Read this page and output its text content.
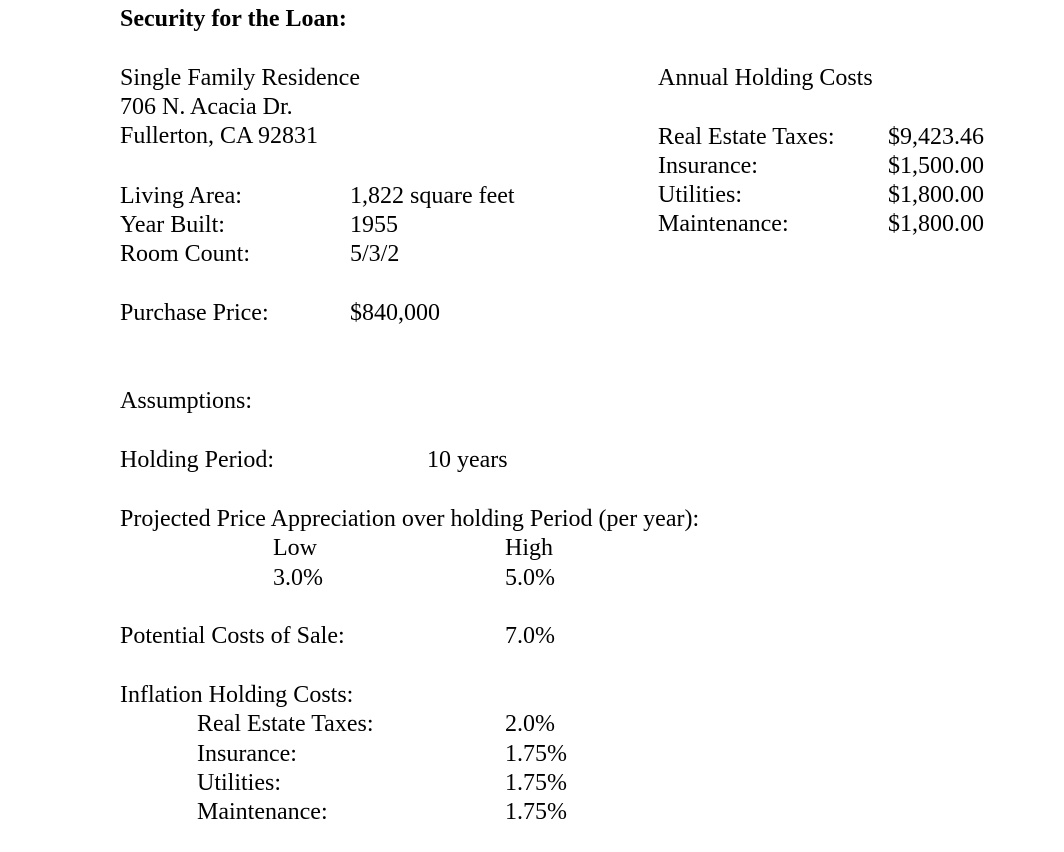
Security for the Loan:
Single Family Residence
706 N. Acacia Dr.
Fullerton, CA 92831
Living Area:	1,822 square feet
Year Built:	1955
Room Count:	5/3/2
Purchase Price:	$840,000
Annual Holding Costs
Real Estate Taxes: $9,423.46
Insurance:	$1,500.00
Utilities:	$1,800.00
Maintenance:	$1,800.00
Assumptions:
Holding Period:	10 years
Projected Price Appreciation over holding Period (per year):
Low	High
3.0%	5.0%
Potential Costs of Sale:	7.0%
Inflation Holding Costs:
Real Estate Taxes:	2.0%
Insurance:	1.75%
Utilities:	1.75%
Maintenance:	1.75%
